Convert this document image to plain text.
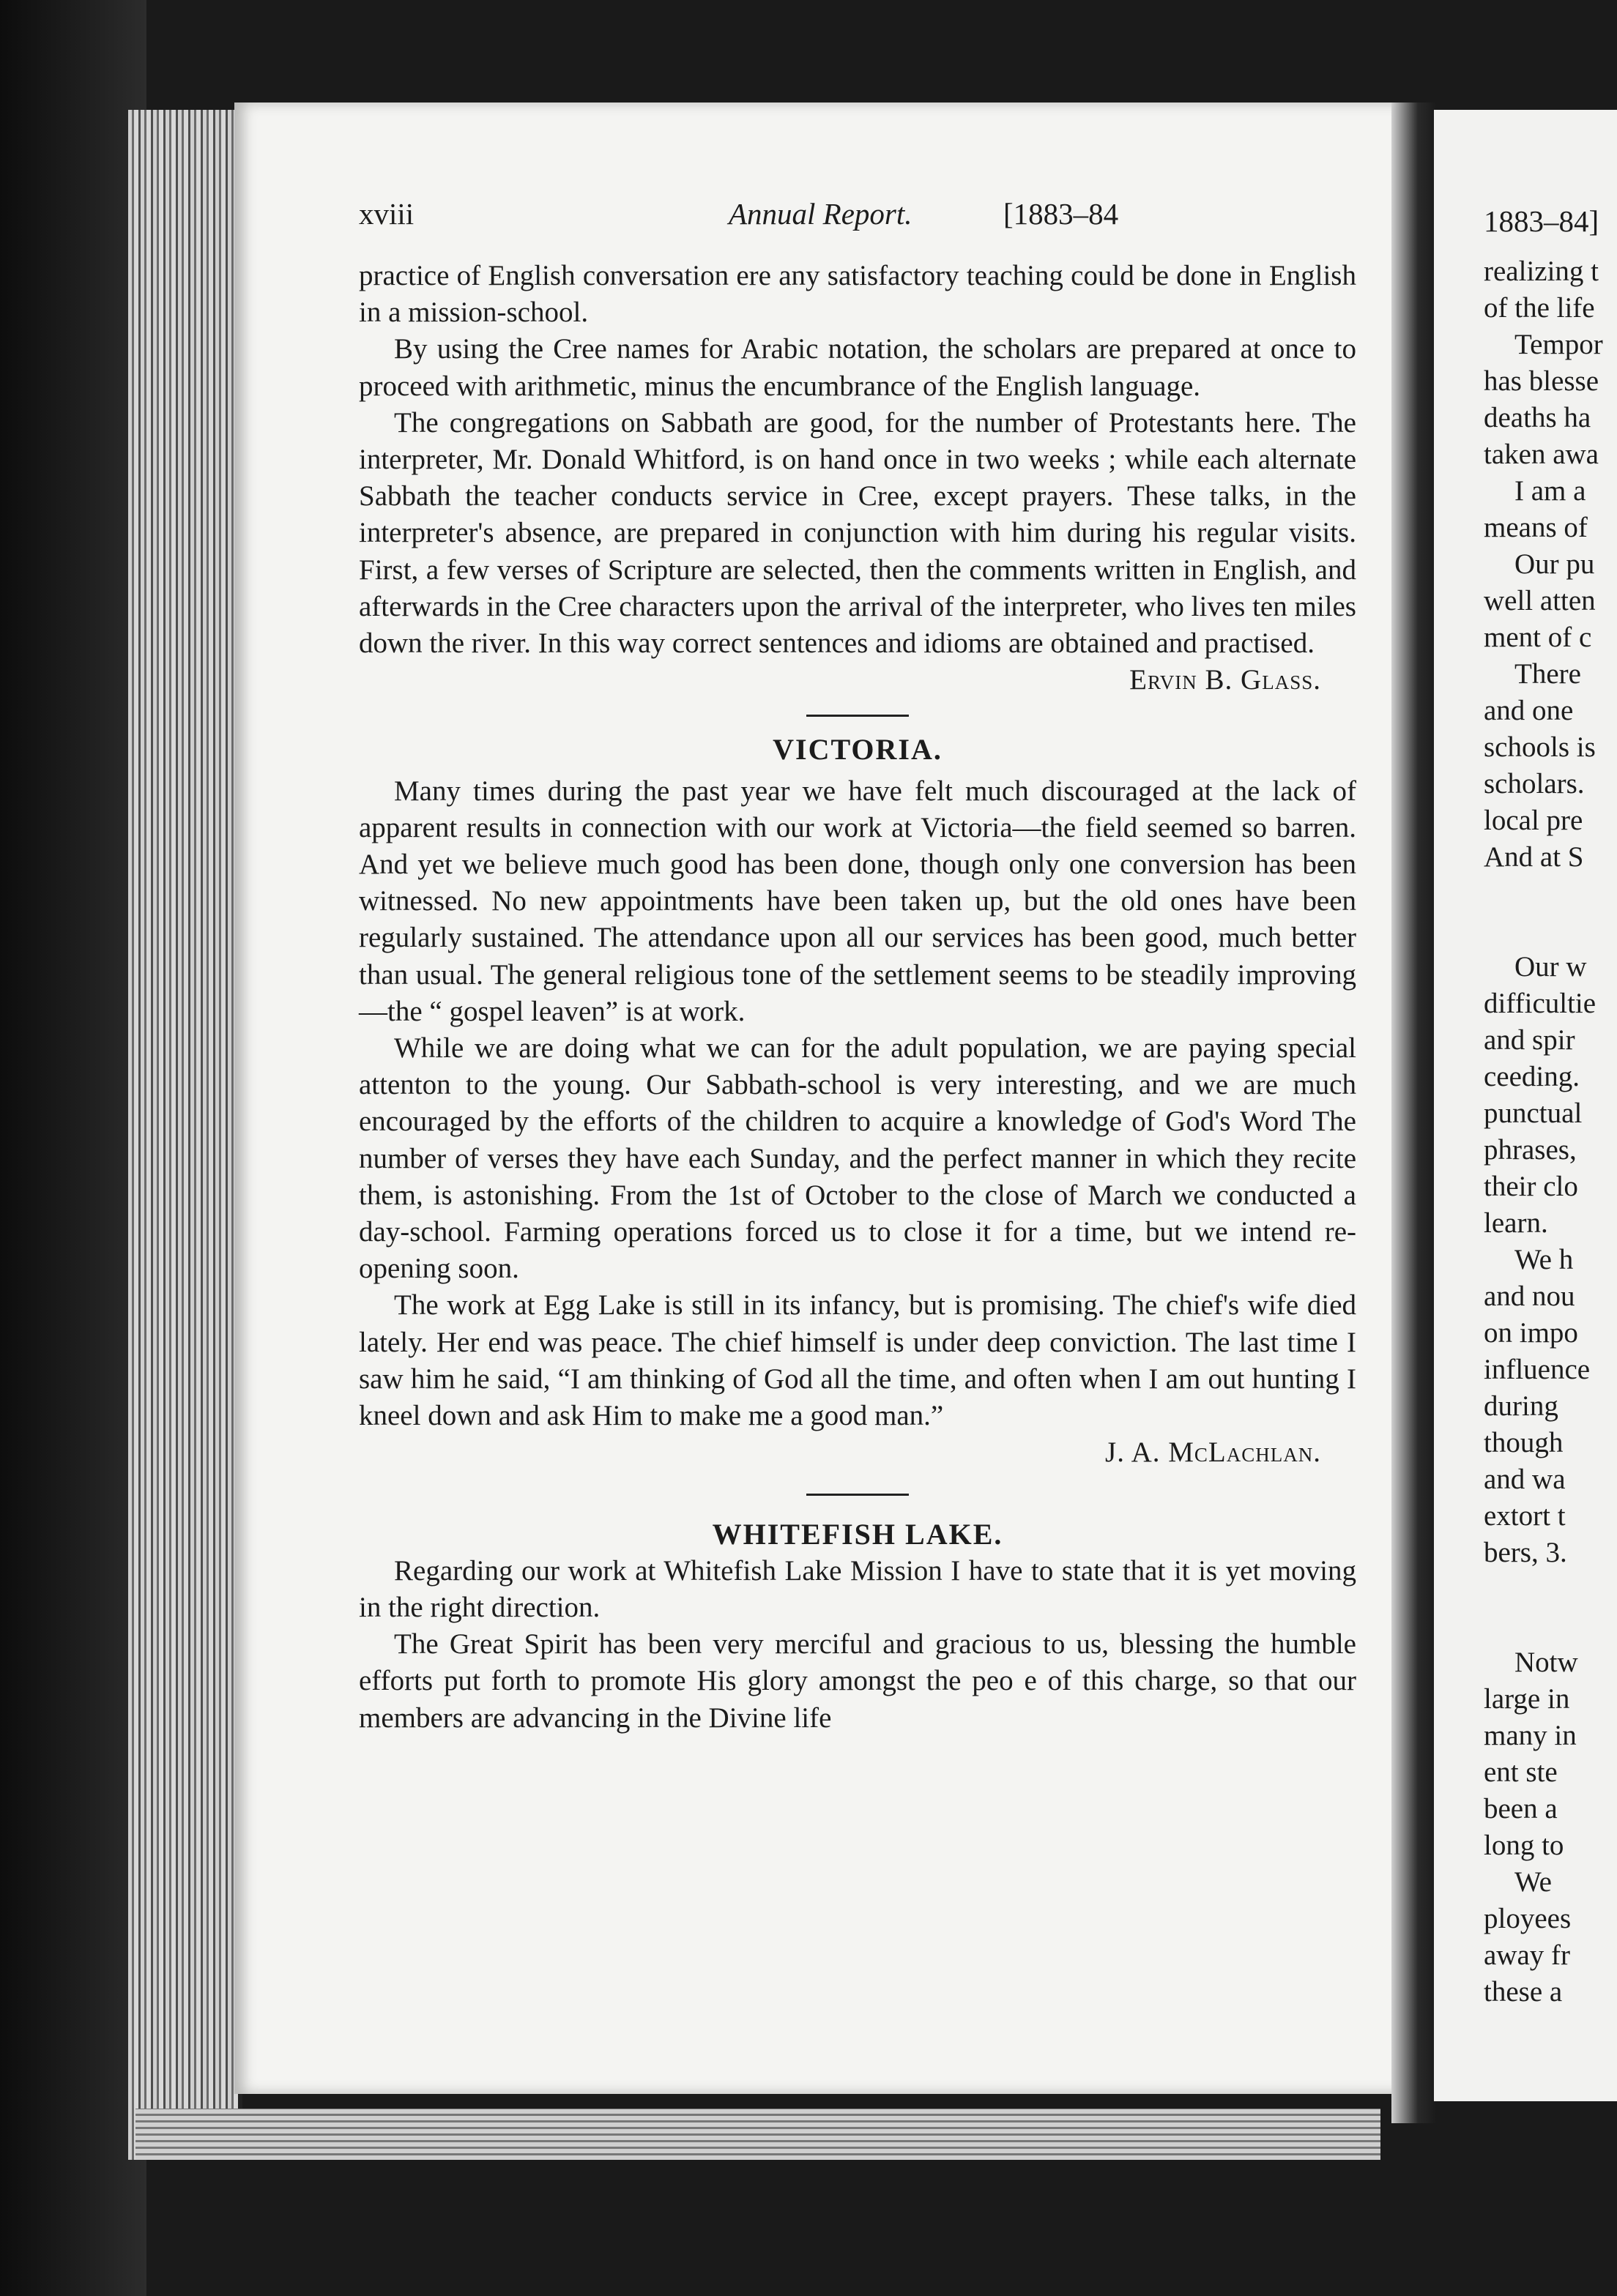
xviii	Annual Report.	[1883–84

practice of English conversation ere any satisfactory teaching could be done in English in a mission-school.

By using the Cree names for Arabic notation, the scholars are prepared at once to proceed with arithmetic, minus the encumbrance of the English language.

The congregations on Sabbath are good, for the number of Protestants here. The interpreter, Mr. Donald Whitford, is on hand once in two weeks ; while each alternate Sabbath the teacher conducts service in Cree, except prayers. These talks, in the interpreter's absence, are prepared in conjunction with him during his regular visits. First, a few verses of Scripture are selected, then the comments written in English, and afterwards in the Cree characters upon the arrival of the interpreter, who lives ten miles down the river. In this way correct sentences and idioms are obtained and practised.

Ervin B. Glass.

VICTORIA.

Many times during the past year we have felt much discouraged at the lack of apparent results in connection with our work at Victoria—the field seemed so barren. And yet we believe much good has been done, though only one conversion has been witnessed. No new appointments have been taken up, but the old ones have been regularly sustained. The attendance upon all our services has been good, much better than usual. The general religious tone of the settlement seems to be steadily improving—the “ gospel leaven” is at work.

While we are doing what we can for the adult population, we are paying special attenton to the young. Our Sabbath-school is very interesting, and we are much encouraged by the efforts of the children to acquire a knowledge of God's Word The number of verses they have each Sunday, and the perfect manner in which they recite them, is astonishing. From the 1st of October to the close of March we conducted a day-school. Farming operations forced us to close it for a time, but we intend re-opening soon.

The work at Egg Lake is still in its infancy, but is promising. The chief's wife died lately. Her end was peace. The chief himself is under deep conviction. The last time I saw him he said, “I am thinking of God all the time, and often when I am out hunting I kneel down and ask Him to make me a good man.”

J. A. McLachlan.

WHITEFISH LAKE.

Regarding our work at Whitefish Lake Mission I have to state that it is yet moving in the right direction.

The Great Spirit has been very merciful and gracious to us, blessing the humble efforts put forth to promote His glory amongst the peo e of this charge, so that our members are advancing in the Divine life

1883–84]
realizing t
of the life
Tempor
has blesse
deaths ha
taken awa
I am a
means of
Our pu
well atten
ment of c
There
and one
schools is
scholars.
local pre
And at S
Our w
difficultie
and spir
ceeding.
punctual
phrases,
their clo
learn.
We h
and nou
on impo
influence
during
though
and wa
extort t
bers, 3.
Notw
large in
many in
ent ste
been a
long to
We
ployees
away fr
these a
